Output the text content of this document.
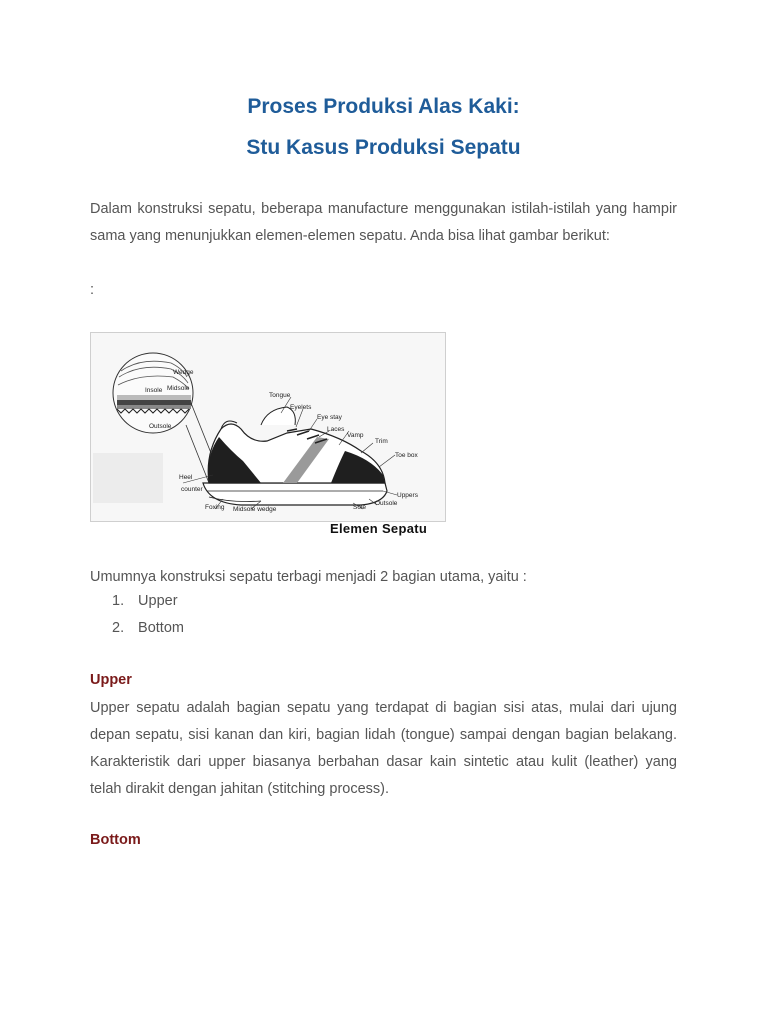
Proses Produksi Alas Kaki:
Stu Kasus Produksi Sepatu

Dalam konstruksi sepatu, beberapa manufacture menggunakan istilah-istilah yang hampir sama yang menunjukkan elemen-elemen sepatu. Anda bisa lihat gambar berikut:

:

Wedge
Midsole
Insole
Outsole
Tongue
Eyelets
Eye stay
Laces
Vamp
Trim
Toe box
Heel
counter
Uppers
Outsole
Sole
Foxing Midsole wedge
Elemen Sepatu

Umumnya konstruksi sepatu terbagi menjadi 2 bagian utama, yaitu :

1. Upper
2. Bottom
Upper

Upper sepatu adalah bagian sepatu yang terdapat di bagian sisi atas, mulai dari ujung depan sepatu, sisi kanan dan kiri, bagian lidah (tongue) sampai dengan bagian belakang. Karakteristik dari upper biasanya berbahan dasar kain sintetic atau kulit (leather) yang telah dirakit dengan jahitan (stitching process).

Bottom
